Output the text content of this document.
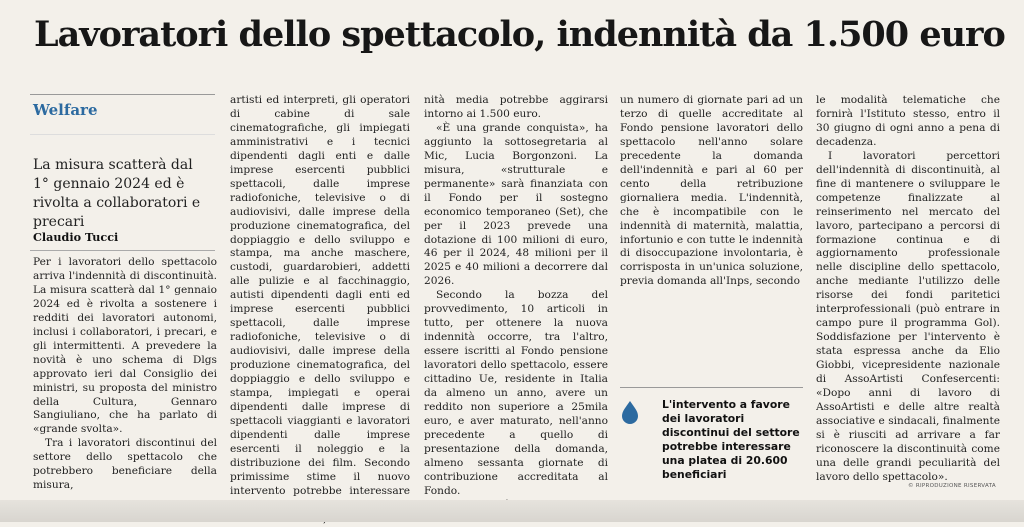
Lavoratori dello spettacolo, indennità da 1.500 euro
Welfare
La misura scatterà dal 1° gennaio 2024 ed è rivolta a collaboratori e precari
Claudio Tucci

Per i lavoratori dello spettacolo arriva l'indennità di discontinuità. La misura scatterà dal 1° gennaio 2024 ed è rivolta a sostenere i redditi dei lavoratori autonomi, inclusi i collaboratori, i precari, e gli intermittenti. A prevedere la novità è uno schema di Dlgs approvato ieri dal Consiglio dei ministri, su proposta del ministro della Cultura, Gennaro Sangiuliano, che ha parlato di «grande svolta».

Tra i lavoratori discontinui del settore dello spettacolo che potrebbero beneficiare della misura,

artisti ed interpreti, gli operatori di cabine di sale cinematografiche, gli impiegati amministrativi e i tecnici dipendenti dagli enti e dalle imprese esercenti pubblici spettacoli, dalle imprese radiofoniche, televisive o di audiovisivi, dalle imprese della produzione cinematografica, del doppiaggio e dello sviluppo e stampa, ma anche maschere, custodi, guardarobieri, addetti alle pulizie e al facchinaggio, autisti dipendenti dagli enti ed imprese esercenti pubblici spettacoli, dalle imprese radiofoniche, televisive o di audiovisivi, dalle imprese della produzione cinematografica, del doppiaggio e dello sviluppo e stampa, impiegati e operai dipendenti dalle imprese di spettacoli viaggianti e lavoratori dipendenti dalle imprese esercenti il noleggio e la distribuzione dei film. Secondo primissime stime il nuovo intervento potrebbe interessare

nità media potrebbe aggirarsi intorno ai 1.500 euro.

«È una grande conquista», ha aggiunto la sottosegretaria al Mic, Lucia Borgonzoni. La misura, «strutturale e permanente» sarà finanziata con il Fondo per il sostegno economico temporaneo (Set), che per il 2023 prevede una dotazione di 100 milioni di euro, 46 per il 2024, 48 milioni per il 2025 e 40 milioni a decorrere dal 2026.

Secondo la bozza del provvedimento, 10 articoli in tutto, per ottenere la nuova indennità occorre, tra l'altro, essere iscritti al Fondo pensione lavoratori dello spettacolo, essere cittadino Ue, residente in Italia da almeno un anno, avere un reddito non superiore a 25mila euro, e aver maturato, nell'anno precedente a quello di presentazione della domanda, almeno sessanta giornate di contribuzione accreditata al Fondo.

un numero di giornate pari ad un terzo di quelle accreditate al Fondo pensione lavoratori dello spettacolo nell'anno solare precedente la domanda dell'indennità e pari al 60 per cento della retribuzione giornaliera media. L'indennità, che è incompatibile con le indennità di maternità, malattia, infortunio e con tutte le indennità di disoccupazione involontaria, è corrisposta in un'unica soluzione, previa domanda all'Inps, secondo

le modalità telematiche che fornirà l'Istituto stesso, entro il 30 giugno di ogni anno a pena di decadenza.

I lavoratori percettori dell'indennità di discontinuità, al fine di mantenere o sviluppare le competenze finalizzate al reinserimento nel mercato del lavoro, partecipano a percorsi di formazione continua e di aggiornamento professionale nelle discipline dello spettacolo, anche mediante l'utilizzo delle risorse dei fondi paritetici interprofessionali (può entrare in campo pure il programma Gol). Soddisfazione per l'intervento è stata espressa anche da Elio Giobbi, vicepresidente nazionale di AssoArtisti Confesercenti: «Dopo anni di lavoro di AssoArtisti e delle altre realtà associative e sindacali, finalmente si è riusciti ad arrivare a far riconoscere la discontinuità come una delle grandi peculiarità del lavoro dello spettacolo».

L'intervento a favore dei lavoratori discontinui del settore potrebbe interessare una platea di 20.600 beneficiari
© RIPRODUZIONE RISERVATA
